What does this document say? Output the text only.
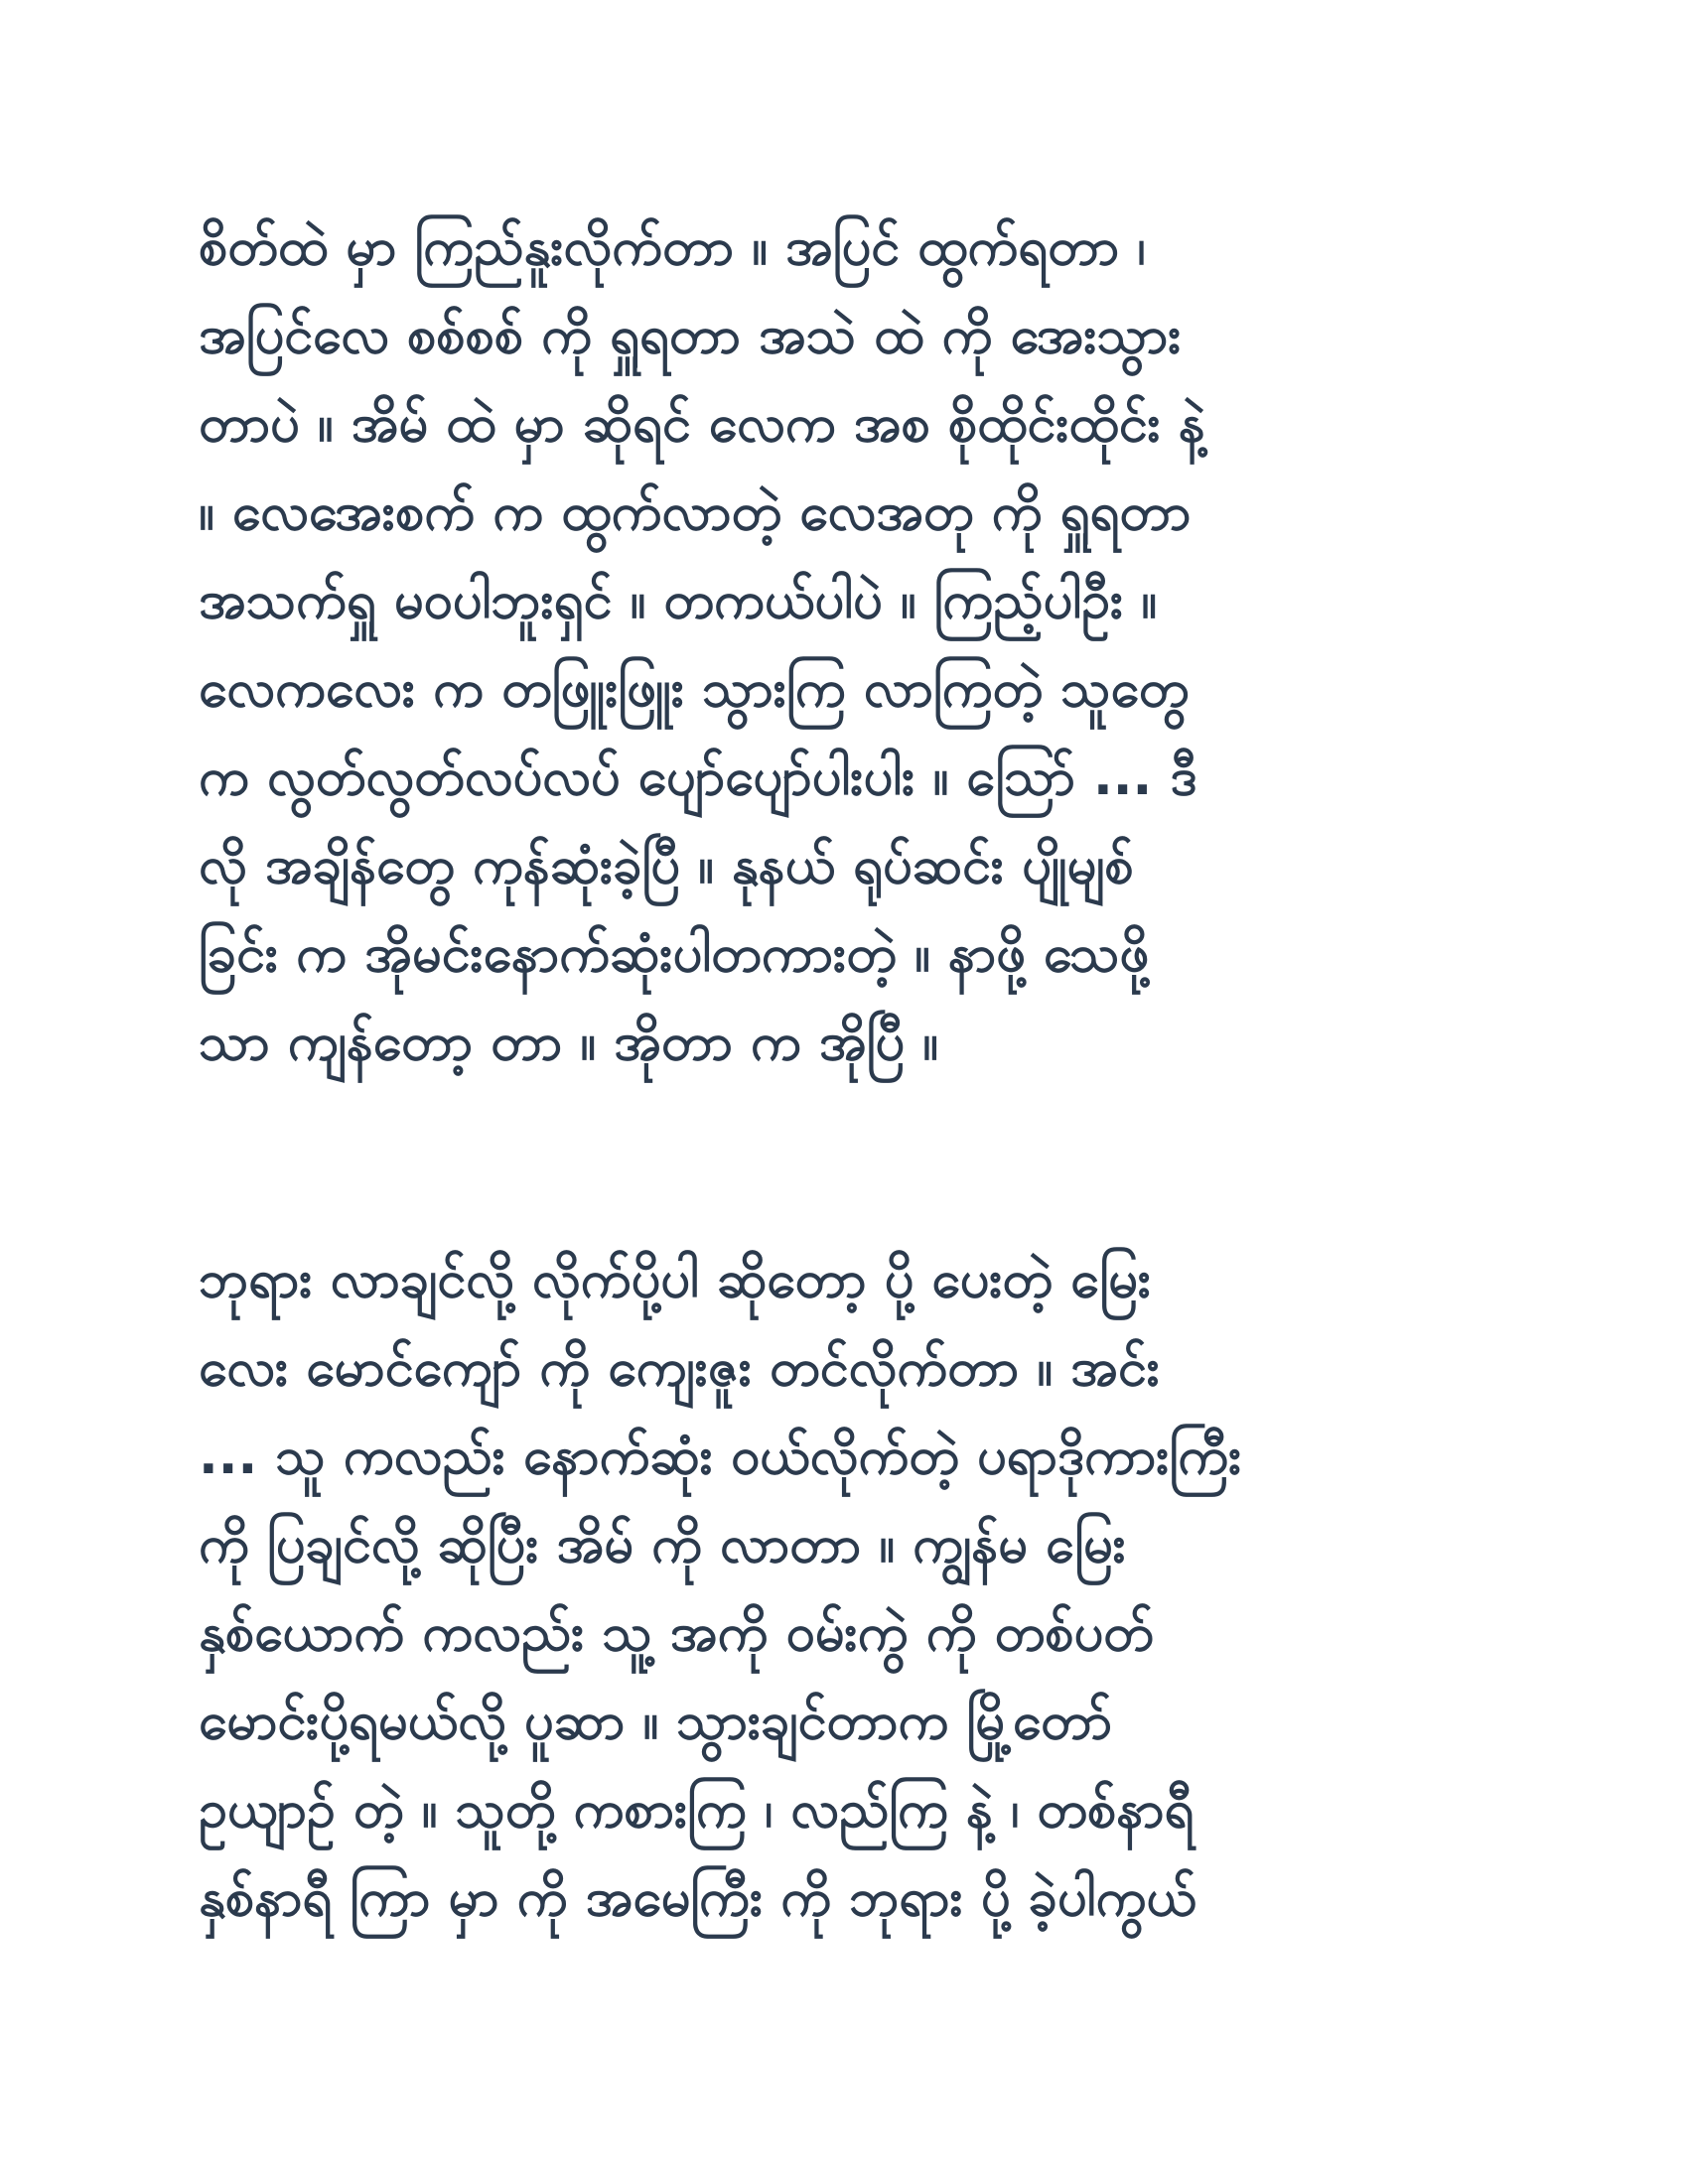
စိတ်ထဲ မှာ ကြည်နူးလိုက်တာ ။ အပြင် ထွက်ရတာ ၊
အပြင်လေ စစ်စစ် ကို ရှူရတာ အသဲ ထဲ ကို အေးသွား
တာပဲ ။ အိမ် ထဲ မှာ ဆိုရင် လေက အစ စိုထိုင်းထိုင်း နဲ့
။ လေအေးစက် က ထွက်လာတဲ့ လေအတု ကို ရှူရတာ
အသက်ရှူ မဝပါဘူးရှင် ။ တကယ်ပါပဲ ။ ကြည့်ပါဦး ။
လေကလေး က တဖြူးဖြူး သွားကြ လာကြတဲ့ သူတွေ
က လွတ်လွတ်လပ်လပ် ပျော်ပျော်ပါးပါး ။ သြော် ... ဒီ
လို အချိန်တွေ ကုန်ဆုံးခဲ့ပြီ ။ နုနယ် ရုပ်ဆင်း ပျိုမျစ်
ခြင်း က အိုမင်းနောက်ဆုံးပါတကားတဲ့ ။ နာဖို့ သေဖို့
သာ ကျန်တော့ တာ ။ အိုတာ က အိုပြီ ။
ဘုရား လာချင်လို့ လိုက်ပို့ပါ ဆိုတော့ ပို့ ပေးတဲ့ မြေး
လေး မောင်ကျော် ကို ကျေးဇူး တင်လိုက်တာ ။ အင်း
... သူ ကလည်း နောက်ဆုံး ဝယ်လိုက်တဲ့ ပရာဒိုကားကြီး
ကို ပြချင်လို့ ဆိုပြီး အိမ် ကို လာတာ ။ ကျွန်မ မြေး
နှစ်ယောက် ကလည်း သူ့ အကို ဝမ်းကွဲ ကို တစ်ပတ်
မောင်းပို့ရမယ်လို့ ပူဆာ ။ သွားချင်တာက မြို့တော်
ဥယျာဉ် တဲ့ ။ သူတို့ ကစားကြ ၊ လည်ကြ နဲ့ ၊ တစ်နာရီ
နှစ်နာရီ ကြာ မှာ ကို အမေကြီး ကို ဘုရား ပို့ ခဲ့ပါကွယ်
